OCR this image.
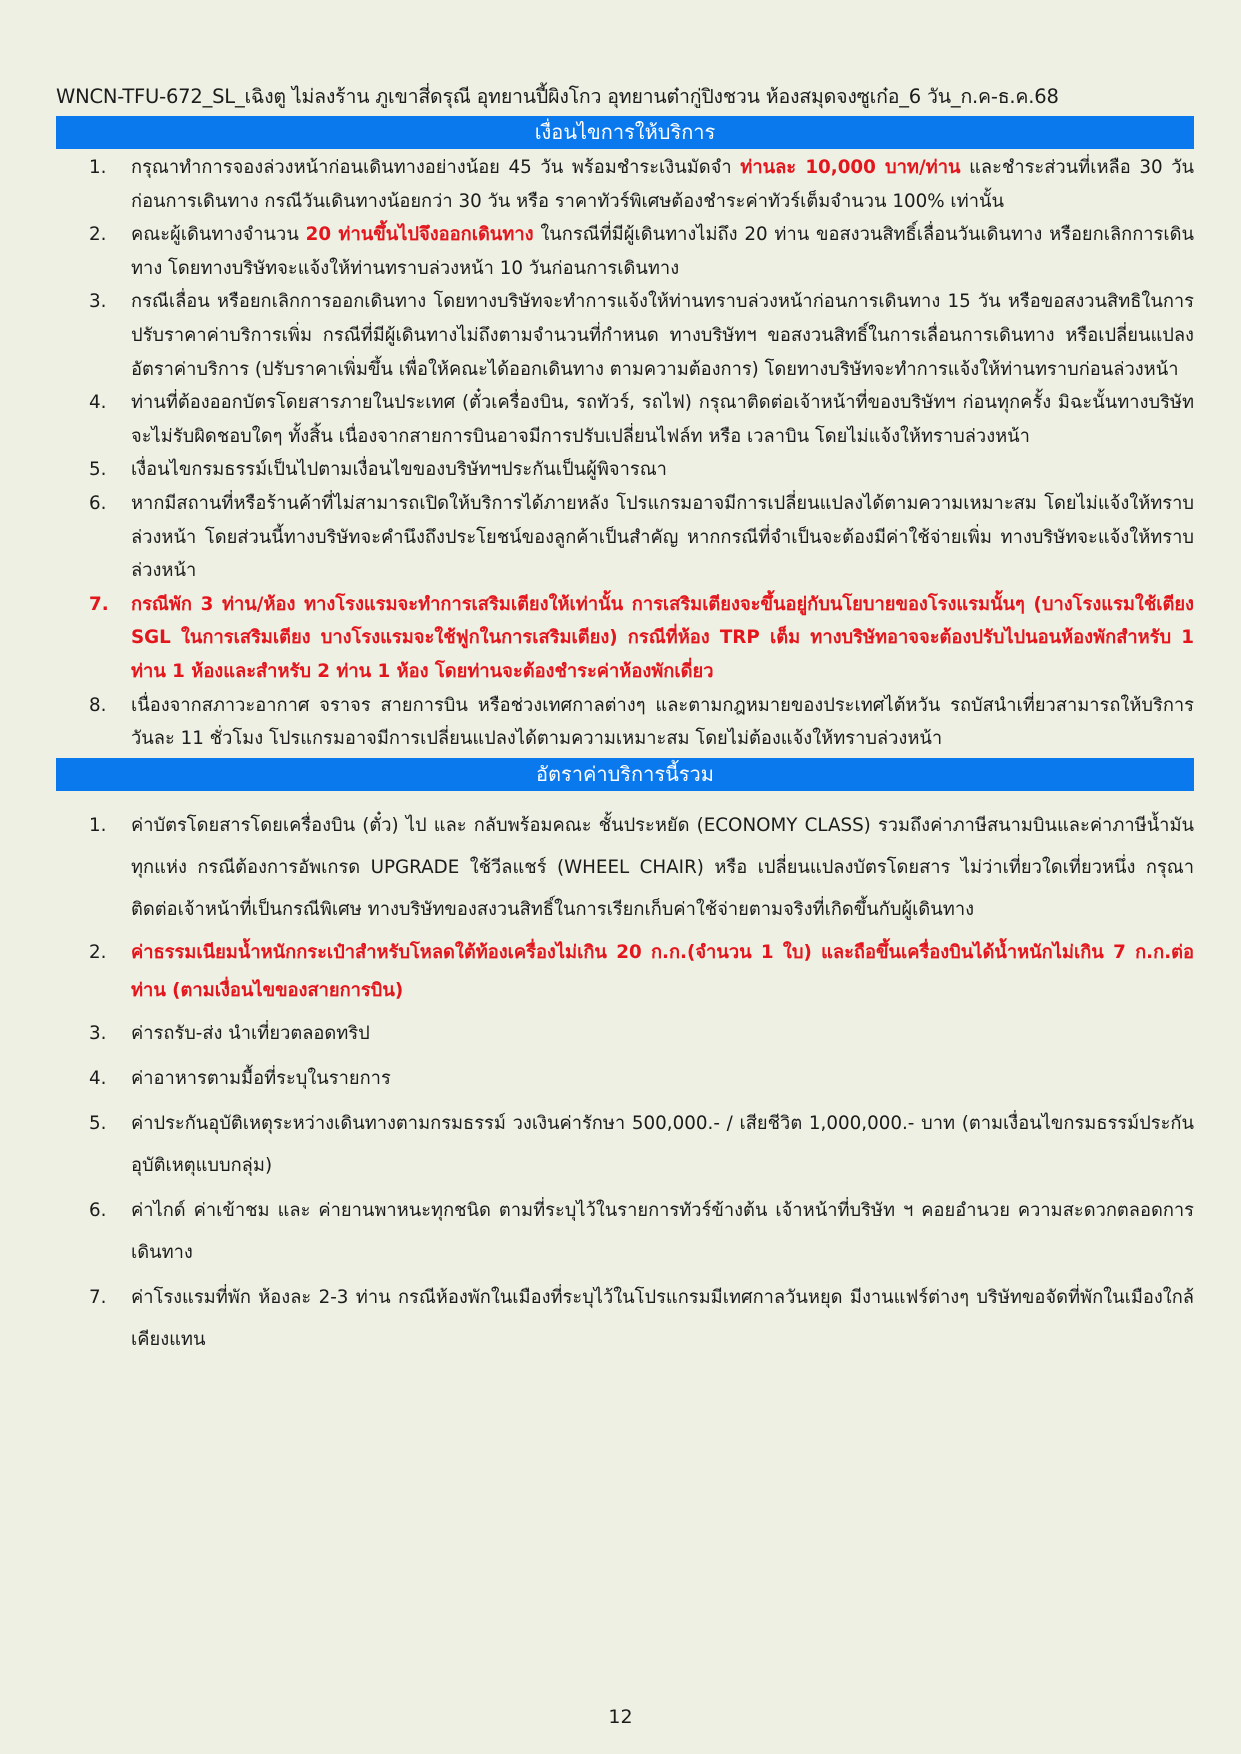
WNCN-TFU-672_SL_เฉิงตู ไม่ลงร้าน ภูเขาสี่ดรุณี อุทยานปี้ผิงโกว อุทยานต๋ากู่ปิงชวน ห้องสมุดจงซูเก๋อ_6 วัน_ก.ค-ธ.ค.68
เงื่อนไขการให้บริการ
1.	กรุณาทำการจองล่วงหน้าก่อนเดินทางอย่างน้อย 45 วัน พร้อมชำระเงินมัดจำ ท่านละ 10,000 บาท/ท่าน และชำระส่วนที่เหลือ 30 วัน ก่อนการเดินทาง กรณีวันเดินทางน้อยกว่า 30 วัน หรือ ราคาทัวร์พิเศษต้องชำระค่าทัวร์เต็มจำนวน 100% เท่านั้น
2.	คณะผู้เดินทางจำนวน 20 ท่านขึ้นไปจึงออกเดินทาง ในกรณีที่มีผู้เดินทางไม่ถึง 20 ท่าน ขอสงวนสิทธิ์เลื่อนวันเดินทาง หรือยกเลิกการเดินทาง โดยทางบริษัทจะแจ้งให้ท่านทราบล่วงหน้า 10 วันก่อนการเดินทาง
3.	กรณีเลื่อน หรือยกเลิกการออกเดินทาง โดยทางบริษัทจะทำการแจ้งให้ท่านทราบล่วงหน้าก่อนการเดินทาง 15 วัน หรือขอสงวนสิทธิในการปรับราคาค่าบริการเพิ่ม กรณีที่มีผู้เดินทางไม่ถึงตามจำนวนที่กำหนด ทางบริษัทฯ ขอสงวนสิทธิ์ในการเลื่อนการเดินทาง หรือเปลี่ยนแปลงอัตราค่าบริการ (ปรับราคาเพิ่มขึ้น เพื่อให้คณะได้ออกเดินทาง ตามความต้องการ) โดยทางบริษัทจะทำการแจ้งให้ท่านทราบก่อนล่วงหน้า
4.	ท่านที่ต้องออกบัตรโดยสารภายในประเทศ (ตั๋วเครื่องบิน, รถทัวร์, รถไฟ) กรุณาติดต่อเจ้าหน้าที่ของบริษัทฯ ก่อนทุกครั้ง มิฉะนั้นทางบริษัทจะไม่รับผิดชอบใดๆ ทั้งสิ้น เนื่องจากสายการบินอาจมีการปรับเปลี่ยนไฟล์ท หรือ เวลาบิน โดยไม่แจ้งให้ทราบล่วงหน้า
5.	เงื่อนไขกรมธรรม์เป็นไปตามเงื่อนไขของบริษัทฯประกันเป็นผู้พิจารณา
6.	หากมีสถานที่หรือร้านค้าที่ไม่สามารถเปิดให้บริการได้ภายหลัง โปรแกรมอาจมีการเปลี่ยนแปลงได้ตามความเหมาะสม โดยไม่แจ้งให้ทราบล่วงหน้า โดยส่วนนี้ทางบริษัทจะคำนึงถึงประโยชน์ของลูกค้าเป็นสำคัญ หากกรณีที่จำเป็นจะต้องมีค่าใช้จ่ายเพิ่ม ทางบริษัทจะแจ้งให้ทราบล่วงหน้า
7.	กรณีพัก 3 ท่าน/ห้อง ทางโรงแรมจะทำการเสริมเตียงให้เท่านั้น การเสริมเตียงจะขึ้นอยู่กับนโยบายของโรงแรมนั้นๆ (บางโรงแรมใช้เตียง SGL ในการเสริมเตียง บางโรงแรมจะใช้ฟูกในการเสริมเตียง) กรณีที่ห้อง TRP เต็ม ทางบริษัทอาจจะต้องปรับไปนอนห้องพักสำหรับ 1 ท่าน 1 ห้องและสำหรับ 2 ท่าน 1 ห้อง โดยท่านจะต้องชำระค่าห้องพักเดี่ยว
8.	เนื่องจากสภาวะอากาศ จราจร สายการบิน หรือช่วงเทศกาลต่างๆ และตามกฎหมายของประเทศไต้หวัน รถบัสนำเที่ยวสามารถให้บริการวันละ 11 ชั่วโมง โปรแกรมอาจมีการเปลี่ยนแปลงได้ตามความเหมาะสม โดยไม่ต้องแจ้งให้ทราบล่วงหน้า
อัตราค่าบริการนี้รวม
1.	ค่าบัตรโดยสารโดยเครื่องบิน (ตั๋ว) ไป และ กลับพร้อมคณะ ชั้นประหยัด (ECONOMY CLASS) รวมถึงค่าภาษีสนามบินและค่าภาษีน้ำมันทุกแห่ง กรณีต้องการอัพเกรด UPGRADE ใช้วีลแชร์ (WHEEL CHAIR) หรือ เปลี่ยนแปลงบัตรโดยสาร ไม่ว่าเที่ยวใดเที่ยวหนึ่ง กรุณาติดต่อเจ้าหน้าที่เป็นกรณีพิเศษ ทางบริษัทของสงวนสิทธิ์ในการเรียกเก็บค่าใช้จ่ายตามจริงที่เกิดขึ้นกับผู้เดินทาง
2.	ค่าธรรมเนียมน้ำหนักกระเป๋าสำหรับโหลดใต้ท้องเครื่องไม่เกิน 20 ก.ก.(จำนวน 1 ใบ) และถือขึ้นเครื่องบินได้น้ำหนักไม่เกิน 7 ก.ก.ต่อท่าน (ตามเงื่อนไขของสายการบิน)
3.	ค่ารถรับ-ส่ง นำเที่ยวตลอดทริป
4.	ค่าอาหารตามมื้อที่ระบุในรายการ
5.	ค่าประกันอุบัติเหตุระหว่างเดินทางตามกรมธรรม์ วงเงินค่ารักษา 500,000.- / เสียชีวิต 1,000,000.- บาท (ตามเงื่อนไขกรมธรรม์ประกันอุบัติเหตุแบบกลุ่ม)
6.	ค่าไกด์ ค่าเข้าชม และ ค่ายานพาหนะทุกชนิด ตามที่ระบุไว้ในรายการทัวร์ข้างต้น เจ้าหน้าที่บริษัท ฯ คอยอำนวย ความสะดวกตลอดการเดินทาง
7.	ค่าโรงแรมที่พัก ห้องละ 2-3 ท่าน กรณีห้องพักในเมืองที่ระบุไว้ในโปรแกรมมีเทศกาลวันหยุด มีงานแฟร์ต่างๆ บริษัทขอจัดที่พักในเมืองใกล้เคียงแทน
12
